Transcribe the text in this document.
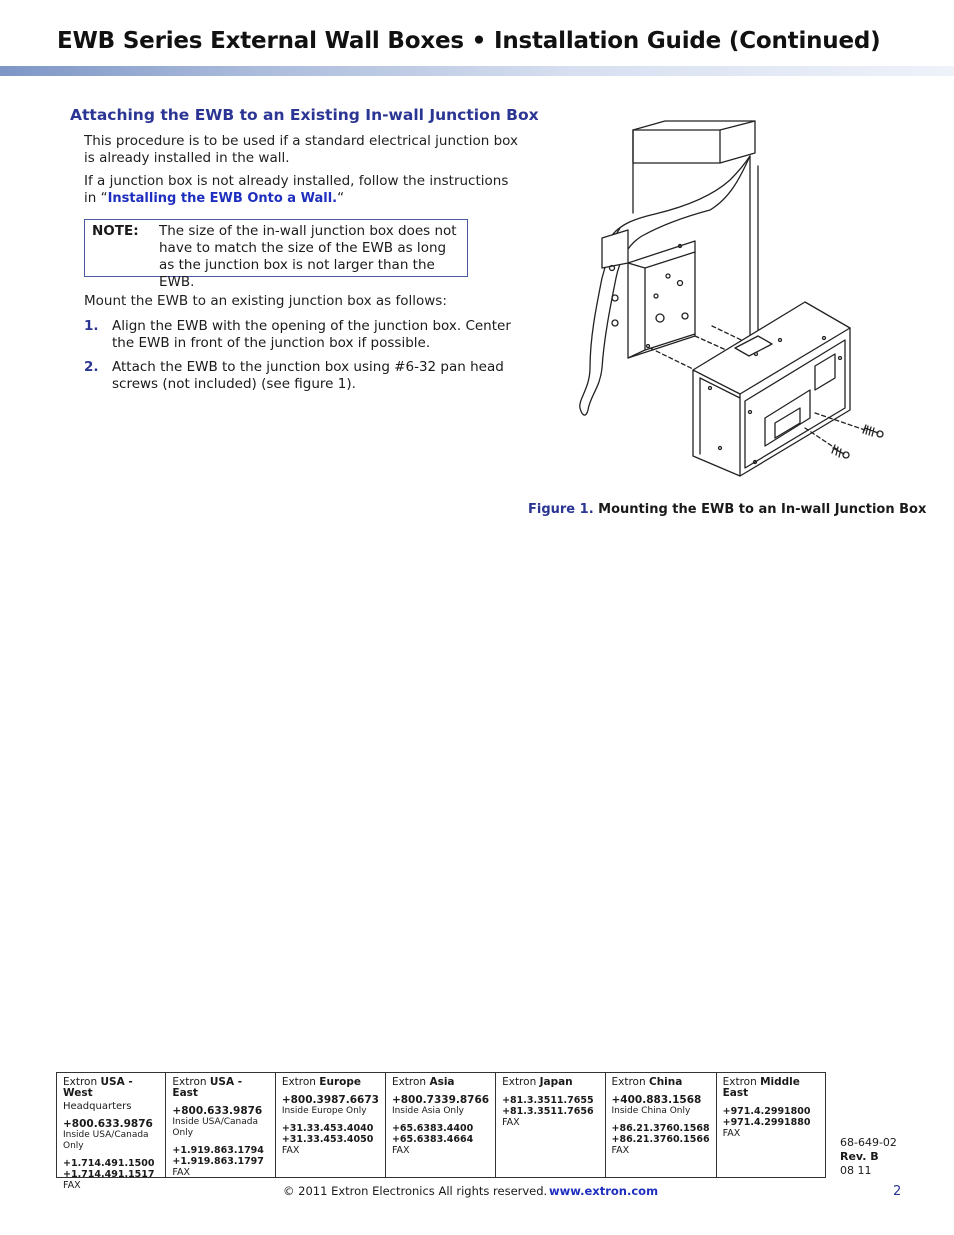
EWB Series External Wall Boxes • Installation Guide (Continued)
Attaching the EWB to an Existing In-wall Junction Box
This procedure is to be used if a standard electrical junction box is already installed in the wall.
If a junction box is not already installed, follow the instructions in “Installing the EWB Onto a Wall.“
NOTE: The size of the in-wall junction box does not have to match the size of the EWB as long as the junction box is not larger than the EWB.
Mount the EWB to an existing junction box as follows:
1. Align the EWB with the opening of the junction box. Center the EWB in front of the junction box if possible.
2. Attach the EWB to the junction box using #6-32 pan head screws (not included) (see figure 1).
Figure 1. Mounting the EWB to an In-wall Junction Box
Extron USA - West
Headquarters
+800.633.9876
Inside USA/Canada Only
+1.714.491.1500
+1.714.491.1517 FAX
Extron USA - East
+800.633.9876
Inside USA/Canada Only
+1.919.863.1794
+1.919.863.1797 FAX
Extron Europe
+800.3987.6673
Inside Europe Only
+31.33.453.4040
+31.33.453.4050 FAX
Extron Asia
+800.7339.8766
Inside Asia Only
+65.6383.4400
+65.6383.4664 FAX
Extron Japan
+81.3.3511.7655
+81.3.3511.7656 FAX
Extron China
+400.883.1568
Inside China Only
+86.21.3760.1568
+86.21.3760.1566 FAX
Extron Middle East
+971.4.2991800
+971.4.2991880 FAX
68-649-02
Rev. B
08 11
© 2011 Extron Electronics All rights reserved. www.extron.com	2
